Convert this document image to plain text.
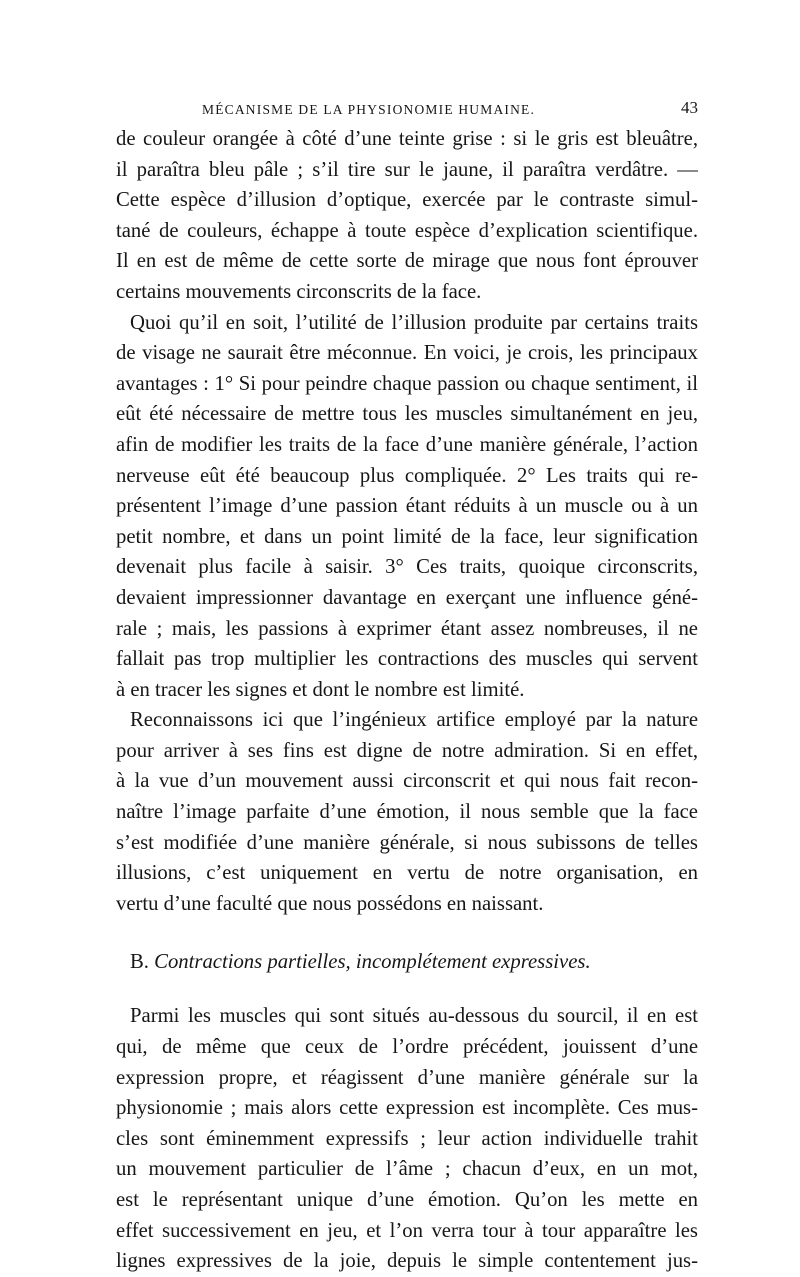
MÉCANISME DE LA PHYSIONOMIE HUMAINE.	43
de couleur orangée à côté d’une teinte grise : si le gris est bleuâtre,
il paraîtra bleu pâle ; s’il tire sur le jaune, il paraîtra verdâtre. —
Cette espèce d’illusion d’optique, exercée par le contraste simul-
tané de couleurs, échappe à toute espèce d’explication scientifique.
Il en est de même de cette sorte de mirage que nous font éprouver
certains mouvements circonscrits de la face.
Quoi qu’il en soit, l’utilité de l’illusion produite par certains traits
de visage ne saurait être méconnue. En voici, je crois, les principaux
avantages : 1° Si pour peindre chaque passion ou chaque sentiment, il
eût été nécessaire de mettre tous les muscles simultanément en jeu,
afin de modifier les traits de la face d’une manière générale, l’action
nerveuse eût été beaucoup plus compliquée. 2° Les traits qui re-
présentent l’image d’une passion étant réduits à un muscle ou à un
petit nombre, et dans un point limité de la face, leur signification
devenait plus facile à saisir. 3° Ces traits, quoique circonscrits,
devaient impressionner davantage en exerçant une influence géné-
rale ; mais, les passions à exprimer étant assez nombreuses, il ne
fallait pas trop multiplier les contractions des muscles qui servent
à en tracer les signes et dont le nombre est limité.
Reconnaissons ici que l’ingénieux artifice employé par la nature
pour arriver à ses fins est digne de notre admiration. Si en effet,
à la vue d’un mouvement aussi circonscrit et qui nous fait recon-
naître l’image parfaite d’une émotion, il nous semble que la face
s’est modifiée d’une manière générale, si nous subissons de telles
illusions, c’est uniquement en vertu de notre organisation, en
vertu d’une faculté que nous possédons en naissant.
B. Contractions partielles, incomplétement expressives.
Parmi les muscles qui sont situés au-dessous du sourcil, il en est
qui, de même que ceux de l’ordre précédent, jouissent d’une
expression propre, et réagissent d’une manière générale sur la
physionomie ; mais alors cette expression est incomplète. Ces mus-
cles sont éminemment expressifs ; leur action individuelle trahit
un mouvement particulier de l’âme ; chacun d’eux, en un mot,
est le représentant unique d’une émotion. Qu’on les mette en
effet successivement en jeu, et l’on verra tour à tour apparaître les
lignes expressives de la joie, depuis le simple contentement jus-
